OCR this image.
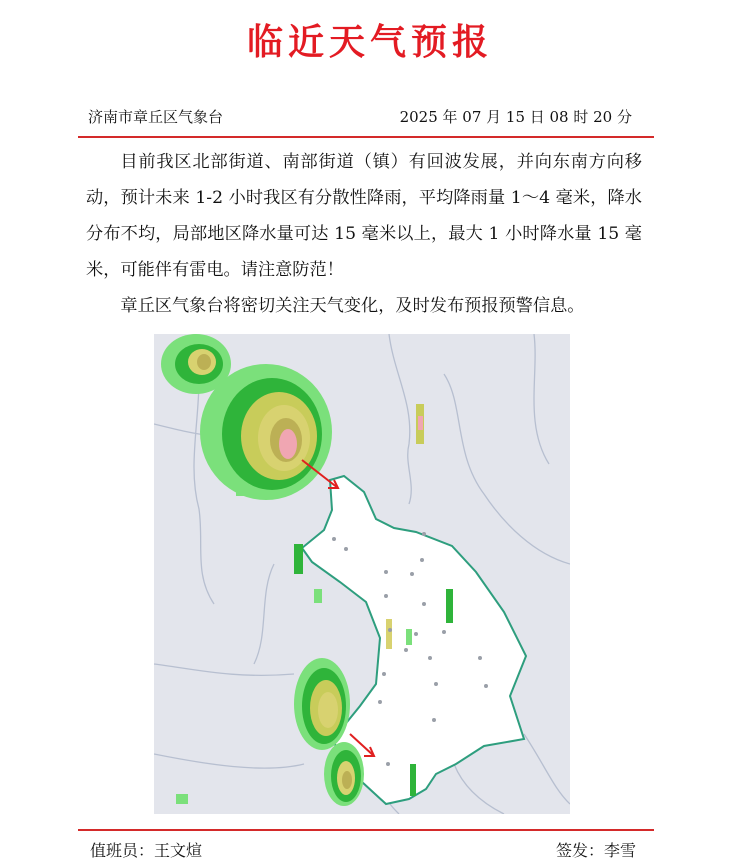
临近天气预报
济南市章丘区气象台	2025 年 07 月 15 日 08 时 20 分

目前我区北部街道、南部街道（镇）有回波发展，并向东南方向移动，预计未来 1-2 小时我区有分散性降雨，平均降雨量 1～4 毫米，降水分布不均，局部地区降水量可达 15 毫米以上，最大 1 小时降水量 15 毫米，可能伴有雷电。请注意防范！

章丘区气象台将密切关注天气变化，及时发布预报预警信息。

值班员：王文煊	签发：李雪
